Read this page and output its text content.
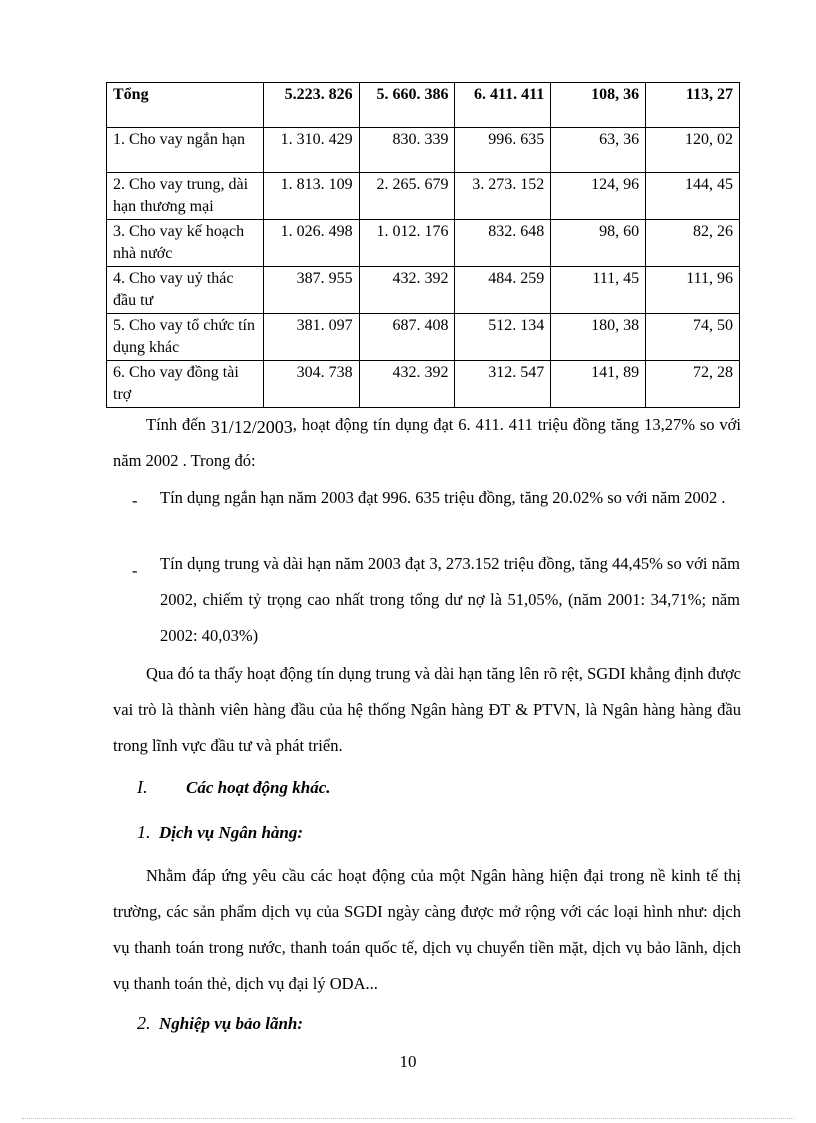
Tổng	5.223. 826	5. 660. 386	6. 411. 411	108, 36	113, 27
1. Cho vay ngắn hạn	1. 310. 429	830. 339	996. 635	63, 36	120, 02
2. Cho vay trung, dài hạn thương mại	1. 813. 109	2. 265. 679	3. 273. 152	124, 96	144, 45
3. Cho vay kế hoạch nhà nước	1. 026. 498	1. 012. 176	832. 648	98, 60	82, 26
4. Cho vay uỷ thác đầu tư	387. 955	432. 392	484. 259	111, 45	111, 96
5. Cho vay tổ chức tín dụng khác	381. 097	687. 408	512. 134	180, 38	74, 50
6. Cho vay đồng tài trợ	304. 738	432. 392	312. 547	141, 89	72, 28
Tính đến 31/12/2003, hoạt động tín dụng đạt 6. 411. 411 triệu đồng tăng 13,27% so với năm 2002 . Trong đó:
- Tín dụng ngắn hạn năm 2003 đạt 996. 635 triệu đồng, tăng 20.02% so với năm 2002 .
- Tín dụng trung và dài hạn năm 2003 đạt 3, 273.152 triệu đồng, tăng 44,45% so với năm 2002, chiếm tỷ trọng cao nhất trong tổng dư nợ là 51,05%, (năm 2001: 34,71%; năm 2002: 40,03%)
Qua đó ta thấy hoạt động tín dụng trung và dài hạn tăng lên rõ rệt, SGDI khẳng định được vai trò là thành viên hàng đầu của hệ thống Ngân hàng ĐT & PTVN, là Ngân hàng hàng đầu trong lĩnh vực đầu tư và phát triển.
I. Các hoạt động khác.
1. Dịch vụ Ngân hàng:
Nhằm đáp ứng yêu cầu các hoạt động của một Ngân hàng hiện đại trong nề kinh tế thị trường, các sản phẩm dịch vụ của SGDI ngày càng được mở rộng với các loại hình như: dịch vụ thanh toán trong nước, thanh toán quốc tế, dịch vụ chuyển tiền mặt, dịch vụ bảo lãnh, dịch vụ thanh toán thẻ, dịch vụ đại lý ODA...
2. Nghiệp vụ bảo lãnh:
10
